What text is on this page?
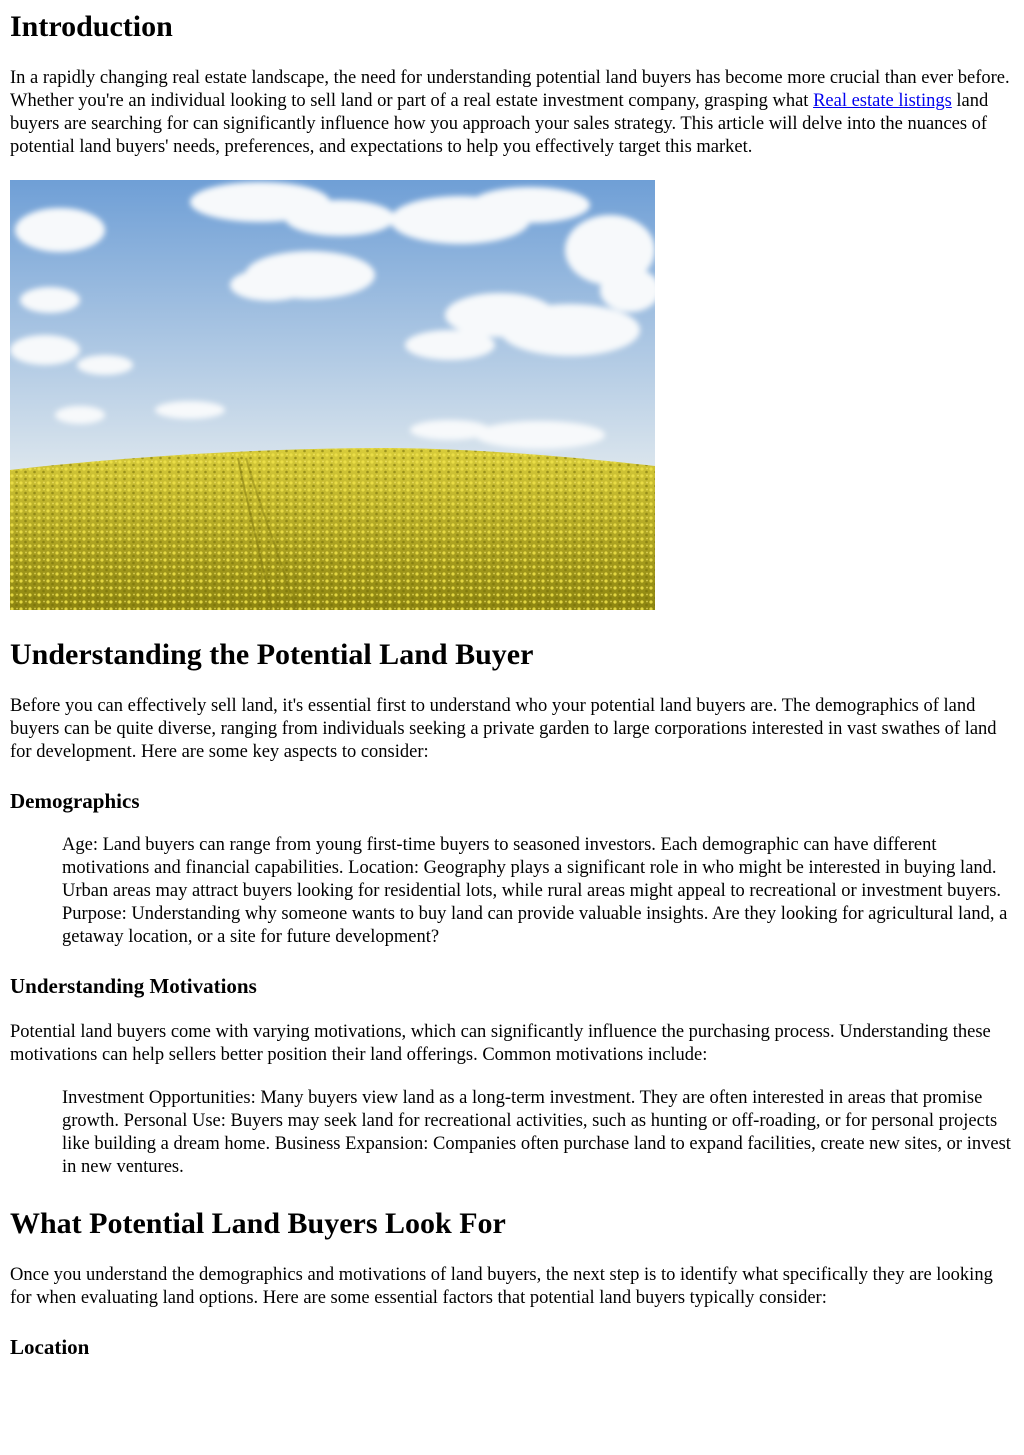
Introduction

In a rapidly changing real estate landscape, the need for understanding potential land buyers has become more crucial than ever before. Whether you're an individual looking to sell land or part of a real estate investment company, grasping what Real estate listings land buyers are searching for can significantly influence how you approach your sales strategy. This article will delve into the nuances of potential land buyers' needs, preferences, and expectations to help you effectively target this market.

Understanding the Potential Land Buyer

Before you can effectively sell land, it's essential first to understand who your potential land buyers are. The demographics of land buyers can be quite diverse, ranging from individuals seeking a private garden to large corporations interested in vast swathes of land for development. Here are some key aspects to consider:

Demographics
Age: Land buyers can range from young first-time buyers to seasoned investors. Each demographic can have different motivations and financial capabilities. Location: Geography plays a significant role in who might be interested in buying land. Urban areas may attract buyers looking for residential lots, while rural areas might appeal to recreational or investment buyers. Purpose: Understanding why someone wants to buy land can provide valuable insights. Are they looking for agricultural land, a getaway location, or a site for future development?
Understanding Motivations

Potential land buyers come with varying motivations, which can significantly influence the purchasing process. Understanding these motivations can help sellers better position their land offerings. Common motivations include:

Investment Opportunities: Many buyers view land as a long-term investment. They are often interested in areas that promise growth. Personal Use: Buyers may seek land for recreational activities, such as hunting or off-roading, or for personal projects like building a dream home. Business Expansion: Companies often purchase land to expand facilities, create new sites, or invest in new ventures.
What Potential Land Buyers Look For

Once you understand the demographics and motivations of land buyers, the next step is to identify what specifically they are looking for when evaluating land options. Here are some essential factors that potential land buyers typically consider:

Location
